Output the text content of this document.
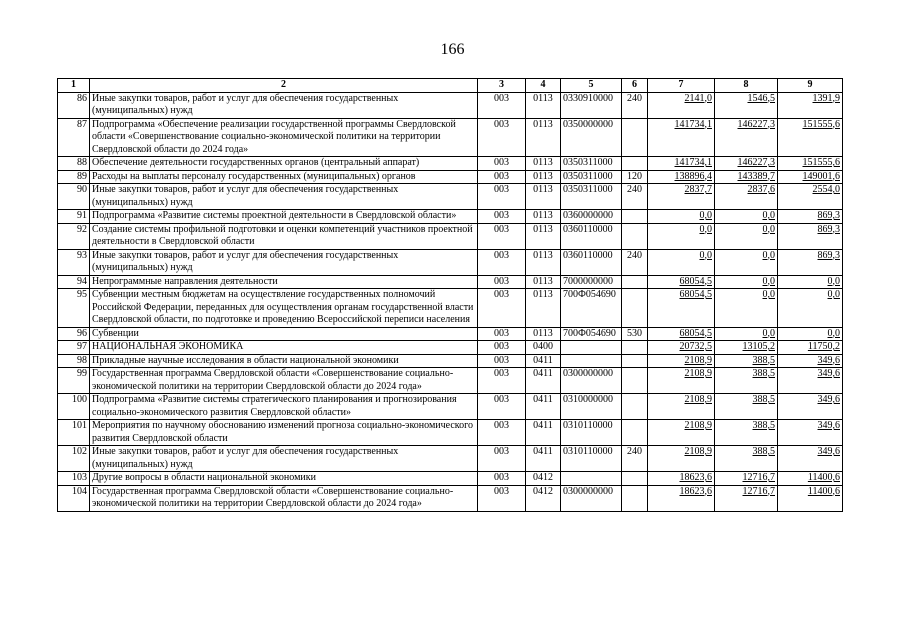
166
1	2	3	4	5	6	7	8	9
86	Иные закупки товаров, работ и услуг для обеспечения государственных (муниципальных) нужд	003	0113	0330910000	240	2141,0	1546,5	1391,9
87	Подпрограмма «Обеспечение реализации государственной программы Свердловской области «Совершенствование социально-экономической политики на территории Свердловской области до 2024 года»	003	0113	0350000000		141734,1	146227,3	151555,6
88	Обеспечение деятельности государственных органов (центральный аппарат)	003	0113	0350311000		141734,1	146227,3	151555,6
89	Расходы на выплаты персоналу государственных (муниципальных) органов	003	0113	0350311000	120	138896,4	143389,7	149001,6
90	Иные закупки товаров, работ и услуг для обеспечения государственных (муниципальных) нужд	003	0113	0350311000	240	2837,7	2837,6	2554,0
91	Подпрограмма «Развитие системы проектной деятельности в Свердловской области»	003	0113	0360000000		0,0	0,0	869,3
92	Создание системы профильной подготовки и оценки компетенций участников проектной деятельности в Свердловской области	003	0113	0360110000		0,0	0,0	869,3
93	Иные закупки товаров, работ и услуг для обеспечения государственных (муниципальных) нужд	003	0113	0360110000	240	0,0	0,0	869,3
94	Непрограммные направления деятельности	003	0113	7000000000		68054,5	0,0	0,0
95	Субвенции местным бюджетам на осуществление государственных полномочий Российской Федерации, переданных для осуществления органам государственной власти Свердловской области, по подготовке и проведению Всероссийской переписи населения	003	0113	700Ф054690		68054,5	0,0	0,0
96	Субвенции	003	0113	700Ф054690	530	68054,5	0,0	0,0
97	НАЦИОНАЛЬНАЯ ЭКОНОМИКА	003	0400			20732,5	13105,2	11750,2
98	Прикладные научные исследования в области национальной экономики	003	0411			2108,9	388,5	349,6
99	Государственная программа Свердловской области «Совершенствование социально-экономической политики на территории Свердловской области до 2024 года»	003	0411	0300000000		2108,9	388,5	349,6
100	Подпрограмма «Развитие системы стратегического планирования и прогнозирования социально-экономического развития Свердловской области»	003	0411	0310000000		2108,9	388,5	349,6
101	Мероприятия по научному обоснованию изменений прогноза социально-экономического развития Свердловской области	003	0411	0310110000		2108,9	388,5	349,6
102	Иные закупки товаров, работ и услуг для обеспечения государственных (муниципальных) нужд	003	0411	0310110000	240	2108,9	388,5	349,6
103	Другие вопросы в области национальной экономики	003	0412			18623,6	12716,7	11400,6
104	Государственная программа Свердловской области «Совершенствование социально-экономической политики на территории Свердловской области до 2024 года»	003	0412	0300000000		18623,6	12716,7	11400,6
